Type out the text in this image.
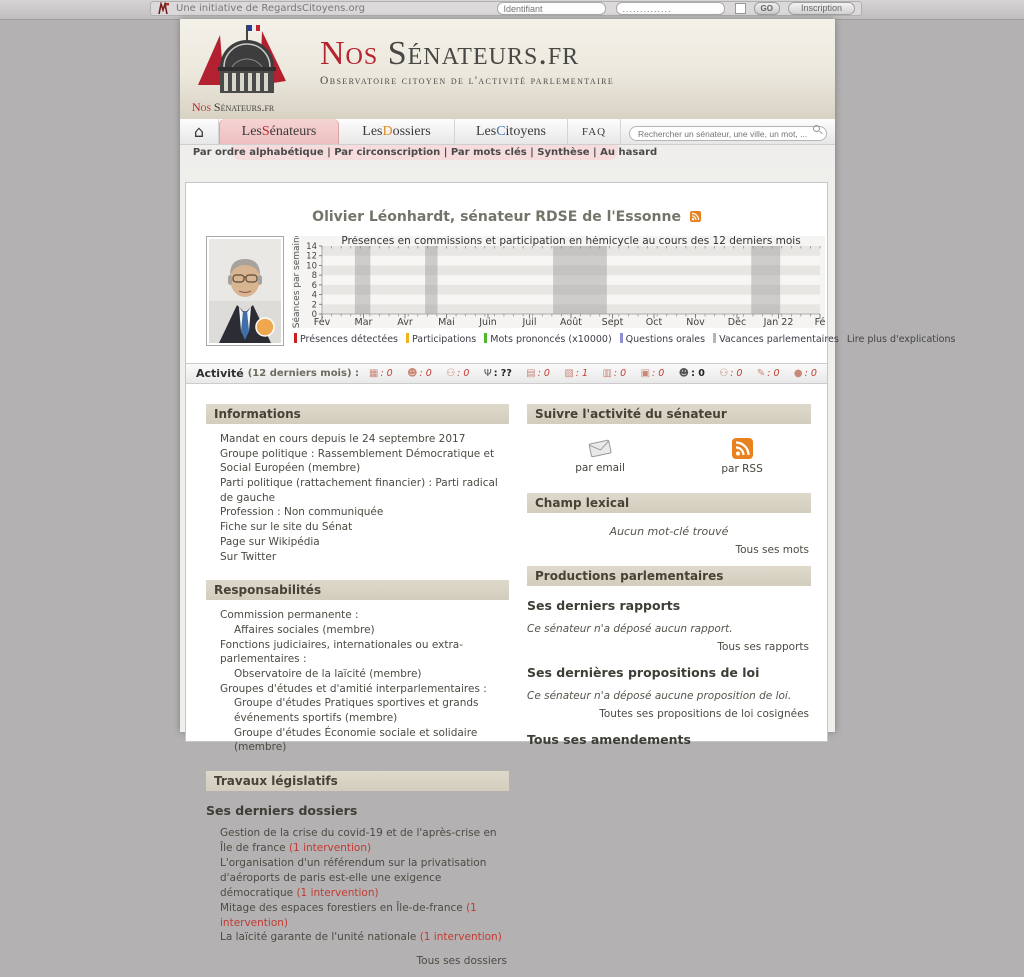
Une initiative de RegardsCitoyens.org
Identifiant
..............	GO	Inscription
Nos Sénateurs.fr
Nos Sénateurs.fr
Observatoire citoyen de l'activité parlementaire
⌂	Les S énateurs	Les D ossiers	Les C itoyens	FAQ
Rechercher un sénateur, une ville, un mot, ...
Par ordre alphabétique | Par circonscription | Par mots clés | Synthèse | Au hasard
Olivier Léonhardt, sénateur RDSE de l'Essonne
Fév	Mar	Avr	Mai	Juin	Juil Août Sept Oct	Nov Déc Jan 22 Fé
0
2
4
6
8
10
12
14 Présences en commissions et participation en hémicycle au cours des 12 derniers mois
Séances par semaine
Présences détectées	Participations	Mots prononcés (x10000)	Questions orales	Vacances parlementaires Lire plus d'explications
Activité (12 derniers mois) : ▦ : 0 ☻ : 0 ⚇ : 0 Ψ : ?? ▤ : 0 ▧ : 1 ▥ : 0 ▣ : 0 ☻ : 0 ⚇ : 0 ✎ : 0 ● : 0
Informations
Mandat en cours depuis le 24 septembre 2017
Groupe politique : Rassemblement Démocratique et Social Européen (membre)
Parti politique (rattachement financier) : Parti radical de gauche
Profession : Non communiquée
Fiche sur le site du Sénat
Page sur Wikipédia
Sur Twitter
Responsabilités
Commission permanente :
Affaires sociales (membre)
Fonctions judiciaires, internationales ou extra-parlementaires :
Observatoire de la laïcité (membre)
Groupes d'études et d'amitié interparlementaires :
Groupe d'études Pratiques sportives et grands événements sportifs (membre)
Groupe d'études Économie sociale et solidaire (membre)
Travaux législatifs
Ses derniers dossiers
Gestion de la crise du covid-19 et de l'après-crise en Île de france (1 intervention)
L'organisation d'un référendum sur la privatisation d'aéroports de paris est-elle une exigence démocratique (1 intervention)
Mitage des espaces forestiers en Île-de-france (1 intervention)
La laïcité garante de l'unité nationale (1 intervention)
Tous ses dossiers
Suivre l'activité du sénateur
par email	par RSS
Champ lexical
Aucun mot-clé trouvé
Tous ses mots
Productions parlementaires
Ses derniers rapports
Ce sénateur n'a déposé aucun rapport.
Tous ses rapports
Ses dernières propositions de loi
Ce sénateur n'a déposé aucune proposition de loi.
Toutes ses propositions de loi cosignées
Tous ses amendements
